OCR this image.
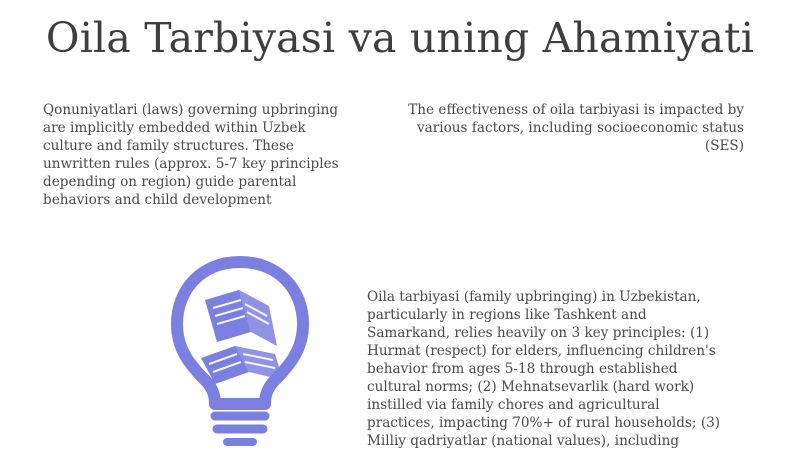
Oila Tarbiyasi va uning Ahamiyati
Qonuniyatlari (laws) governing upbringing are implicitly embedded within Uzbek culture and family structures. These unwritten rules (approx. 5-7 key principles depending on region) guide parental behaviors and child development
The effectiveness of oila tarbiyasi is impacted by various factors, including socioeconomic status (SES)
Oila tarbiyasi (family upbringing) in Uzbekistan, particularly in regions like Tashkent and Samarkand, relies heavily on 3 key principles: (1) Hurmat (respect) for elders, influencing children's behavior from ages 5-18 through established cultural norms; (2) Mehnatsevarlik (hard work) instilled via family chores and agricultural practices, impacting 70%+ of rural households; (3) Milliy qadriyatlar (national values), including
